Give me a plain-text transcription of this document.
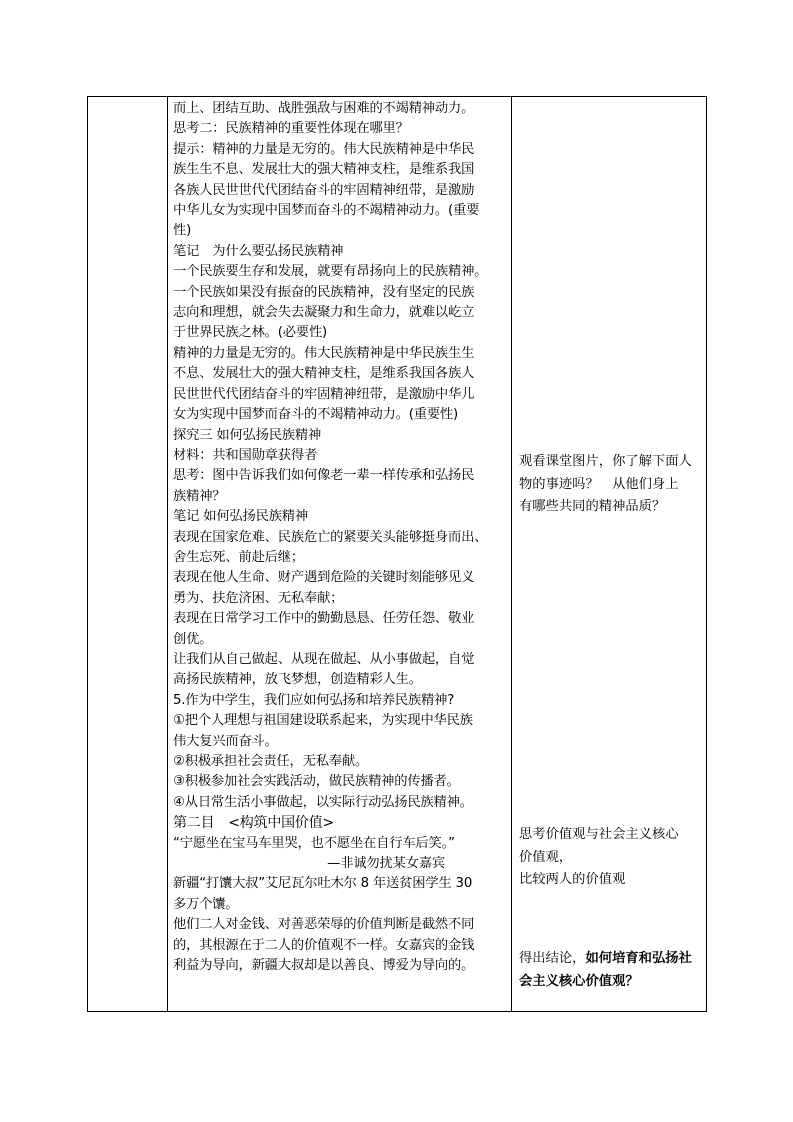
而上、团结互助、战胜强敌与困难的不竭精神动力。
思考二：民族精神的重要性体现在哪里？
提示：精神的力量是无穷的。伟大民族精神是中华民
族生生不息、发展壮大的强大精神支柱，是维系我国
各族人民世世代代团结奋斗的牢固精神纽带，是激励
中华儿女为实现中国梦而奋斗的不竭精神动力。(重要
性)
笔记　为什么要弘扬民族精神
一个民族要生存和发展，就要有昂扬向上的民族精神。
一个民族如果没有振奋的民族精神，没有坚定的民族
志向和理想，就会失去凝聚力和生命力，就难以屹立
于世界民族之林。(必要性)
精神的力量是无穷的。伟大民族精神是中华民族生生
不息、发展壮大的强大精神支柱，是维系我国各族人
民世世代代团结奋斗的牢固精神纽带，是激励中华儿
女为实现中国梦而奋斗的不竭精神动力。(重要性)
探究三 如何弘扬民族精神
材料：共和国勋章获得者
思考：图中告诉我们如何像老一辈一样传承和弘扬民
族精神？
笔记 如何弘扬民族精神
表现在国家危难、民族危亡的紧要关头能够挺身而出、
舍生忘死、前赴后继；
表现在他人生命、财产遇到危险的关键时刻能够见义
勇为、扶危济困、无私奉献；
表现在日常学习工作中的勤勤恳恳、任劳任怨、敬业
创优。
让我们从自己做起、从现在做起、从小事做起，自觉
高扬民族精神，放飞梦想，创造精彩人生。
5.作为中学生，我们应如何弘扬和培养民族精神?
①把个人理想与祖国建设联系起来，为实现中华民族
伟大复兴而奋斗。
②积极承担社会责任，无私奉献。
③积极参加社会实践活动，做民族精神的传播者。
④从日常生活小事做起，以实际行动弘扬民族精神。
第二目　<构筑中国价值>
“宁愿坐在宝马车里哭，也不愿坐在自行车后笑。”
—非诚勿扰某女嘉宾
新疆“打馕大叔”艾尼瓦尔吐木尔 8 年送贫困学生 30
多万个馕。
他们二人对金钱、对善恶荣辱的价值判断是截然不同
的，其根源在于二人的价值观不一样。女嘉宾的金钱
利益为导向，新疆大叔却是以善良、博爱为导向的。
观看课堂图片，你了解下面人
物的事迹吗？　从他们身上
有哪些共同的精神品质？
思考价值观与社会主义核心
价值观，
比较两人的价值观
得出结论，如何培育和弘扬社
会主义核心价值观？
